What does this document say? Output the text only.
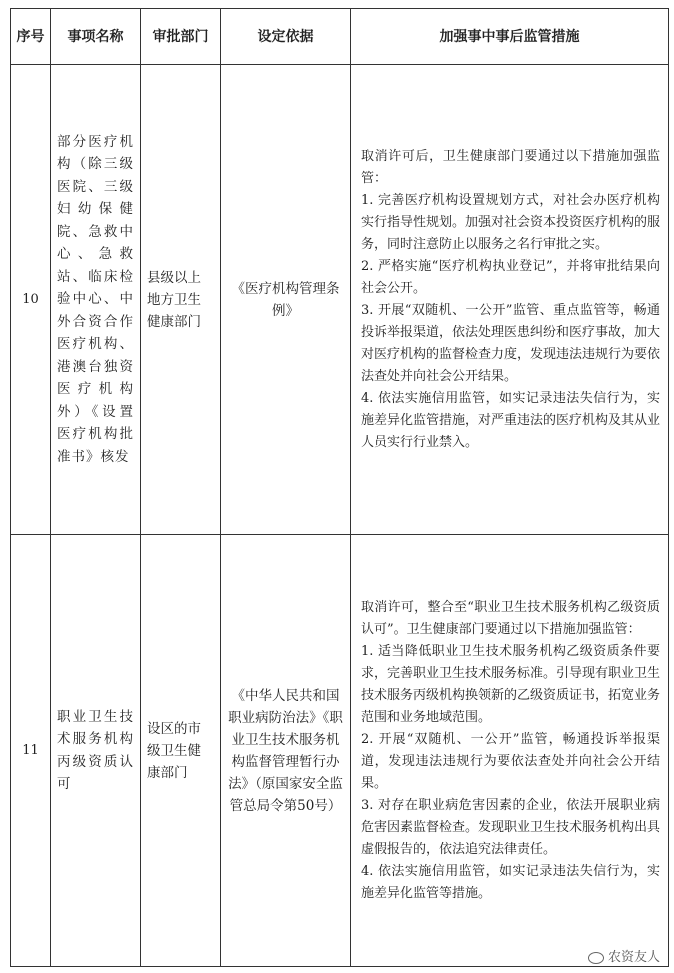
序号	事项名称	审批部门	设定依据	加强事中事后监管措施
10	部分医疗机构（除三级医院、三级妇幼保健院、急救中心、急救站、临床检验中心、中外合资合作医疗机构、港澳台独资医疗机构外）《设置医疗机构批准书》核发	县级以上地方卫生健康部门	《医疗机构管理条例》	取消许可后，卫生健康部门要通过以下措施加强监管：

1. 完善医疗机构设置规划方式，对社会办医疗机构实行指导性规划。加强对社会资本投资医疗机构的服务，同时注意防止以服务之名行审批之实。

2. 严格实施“医疗机构执业登记”，并将审批结果向社会公开。

3. 开展“双随机、一公开”监管、重点监管等，畅通投诉举报渠道，依法处理医患纠纷和医疗事故，加大对医疗机构的监督检查力度，发现违法违规行为要依法查处并向社会公开结果。

4. 依法实施信用监管，如实记录违法失信行为，实施差异化监管措施，对严重违法的医疗机构及其从业人员实行行业禁入。

11	职业卫生技术服务机构丙级资质认可	设区的市级卫生健康部门	《中华人民共和国职业病防治法》《职业卫生技术服务机构监督管理暂行办法》（原国家安全监管总局令第50号）	取消许可，整合至“职业卫生技术服务机构乙级资质认可”。卫生健康部门要通过以下措施加强监管：

1. 适当降低职业卫生技术服务机构乙级资质条件要求，完善职业卫生技术服务标准。引导现有职业卫生技术服务丙级机构换领新的乙级资质证书，拓宽业务范围和业务地域范围。

2. 开展“双随机、一公开”监管，畅通投诉举报渠道，发现违法违规行为要依法查处并向社会公开结果。

3. 对存在职业病危害因素的企业，依法开展职业病危害因素监督检查。发现职业卫生技术服务机构出具虚假报告的，依法追究法律责任。

4. 依法实施信用监管，如实记录违法失信行为，实施差异化监管等措施。

农资友人
